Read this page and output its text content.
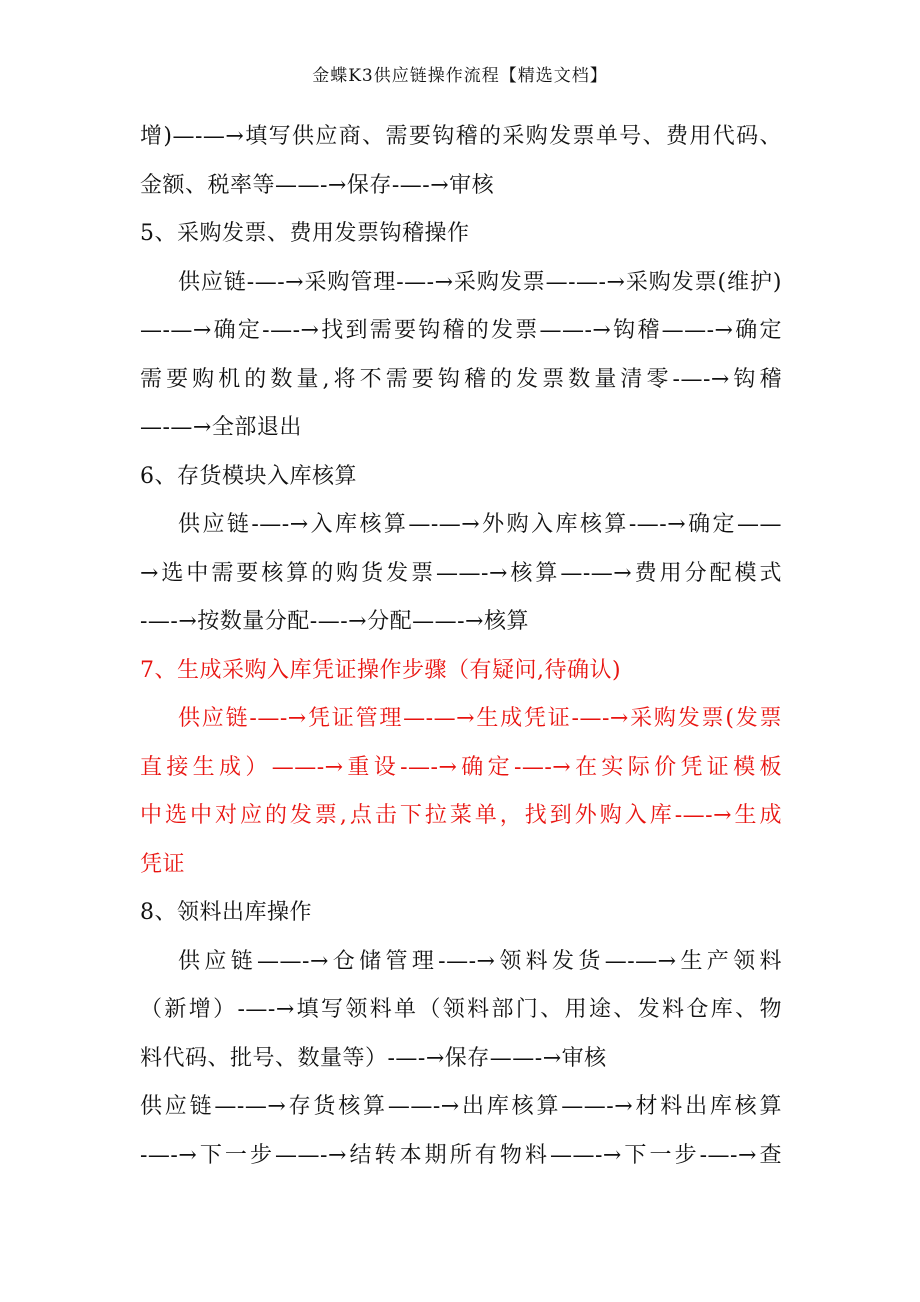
金蝶K3供应链操作流程【精选文档】
增)—-—→填写供应商、需要钩稽的采购发票单号、费用代码、
金额、税率等——-→保存-—-→审核
5、采购发票、费用发票钩稽操作
供应链-—-→采购管理-—-→采购发票—-—-→采购发票(维护)
—-—→确定-—-→找到需要钩稽的发票——-→钩稽——-→确定
需要购机的数量,将不需要钩稽的发票数量清零-—-→钩稽
—-—→全部退出
6、存货模块入库核算
供应链-—-→入库核算—-—→外购入库核算-—-→确定——
→选中需要核算的购货发票——-→核算—-—→费用分配模式
-—-→按数量分配-—-→分配——-→核算
7、生成采购入库凭证操作步骤（有疑问,待确认)
供应链-—-→凭证管理—-—→生成凭证-—-→采购发票(发票
直接生成）——-→重设-—-→确定-—-→在实际价凭证模板
中选中对应的发票,点击下拉菜单，找到外购入库-—-→生成
凭证
8、领料出库操作
供应链——-→仓储管理-—-→领料发货—-—→生产领料
（新增）-—-→填写领料单（领料部门、用途、发料仓库、物
料代码、批号、数量等）-—-→保存——-→审核
供应链—-—→存货核算——-→出库核算——-→材料出库核算
-—-→下一步——-→结转本期所有物料——-→下一步-—-→查
